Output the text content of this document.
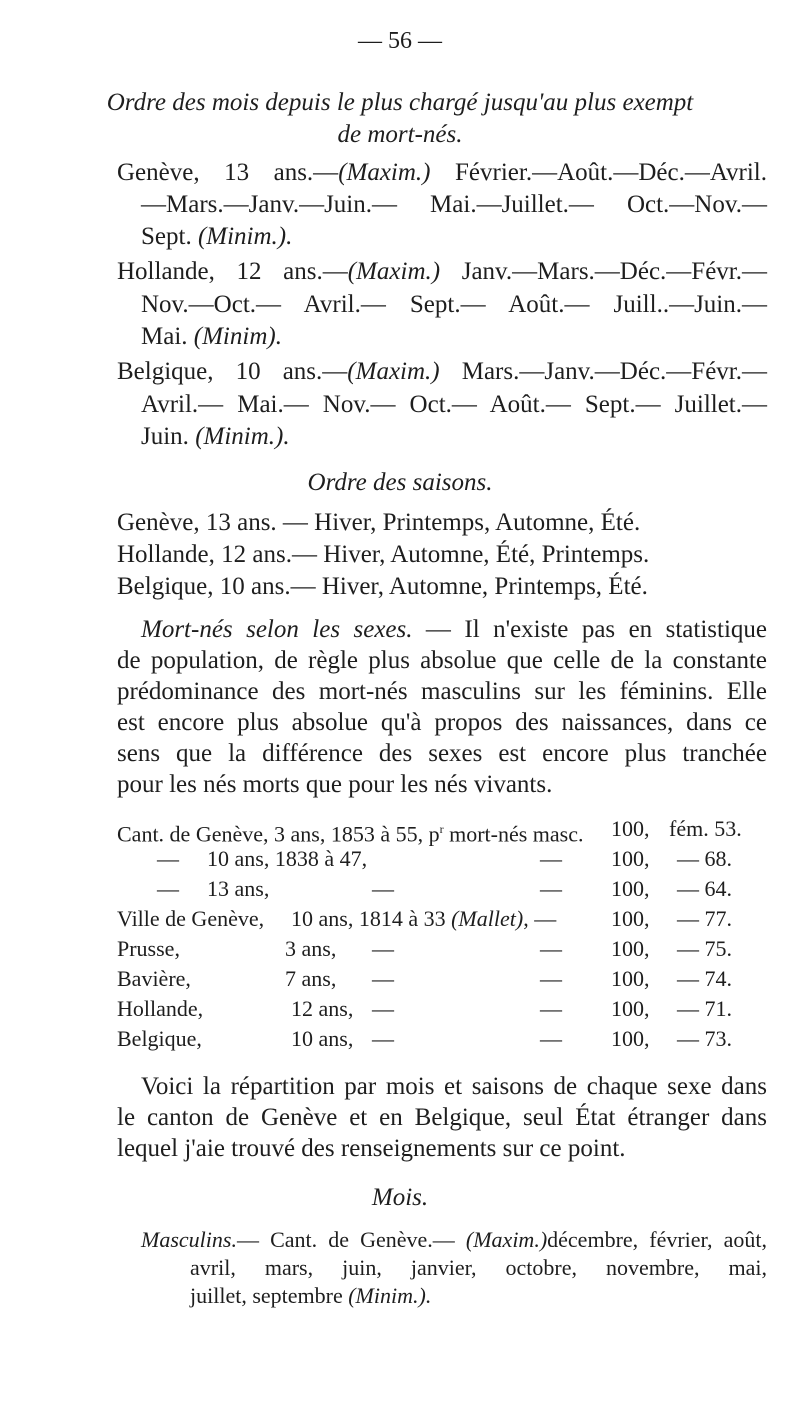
— 56 —
Ordre des mois depuis le plus chargé jusqu'au plus exempt
de mort-nés.
Genève, 13 ans.—(Maxim.) Février.—Août.—Déc.—Avril.
—Mars.—Janv.—Juin.— Mai.—Juillet.— Oct.—Nov.—
Sept. (Minim.).
Hollande, 12 ans.—(Maxim.) Janv.—Mars.—Déc.—Févr.—
Nov.—Oct.— Avril.— Sept.— Août.— Juill..—Juin.—
Mai. (Minim).
Belgique, 10 ans.—(Maxim.) Mars.—Janv.—Déc.—Févr.—
Avril.— Mai.— Nov.— Oct.— Août.— Sept.— Juillet.—
Juin. (Minim.).
Ordre des saisons.
Genève, 13 ans. — Hiver, Printemps, Automne, Été.
Hollande, 12 ans.— Hiver, Automne, Été, Printemps.
Belgique, 10 ans.— Hiver, Automne, Printemps, Été.
Mort-nés selon les sexes. — Il n'existe pas en statistique
de population, de règle plus absolue que celle de la constante
prédominance des mort-nés masculins sur les féminins. Elle
est encore plus absolue qu'à propos des naissances, dans ce
sens que la différence des sexes est encore plus tranchée
pour les nés morts que pour les nés vivants.
Cant. de Genève, 3 ans, 1853 à 55, $p^r$ mort-nés masc. 100, fém. 53.
— 10 ans, 1838 à 47,	— 100, — 68.
— 13 ans,	—	— 100, — 64.
Ville de Genève, 10 ans, 1814 à 33 (Mallet), — 100, — 77.
Prusse,	3 ans, —	— 100, — 75.
Bavière,	7 ans, —	— 100, — 74.
Hollande,	12 ans, —	— 100, — 71.
Belgique,	10 ans, —	— 100, — 73.
Voici la répartition par mois et saisons de chaque sexe dans
le canton de Genève et en Belgique, seul État étranger dans
lequel j'aie trouvé des renseignements sur ce point.
Mois.
Masculins.— Cant. de Genève.— (Maxim.)décembre, février, août,
avril, mars, juin, janvier, octobre, novembre, mai,
juillet, septembre (Minim.).
